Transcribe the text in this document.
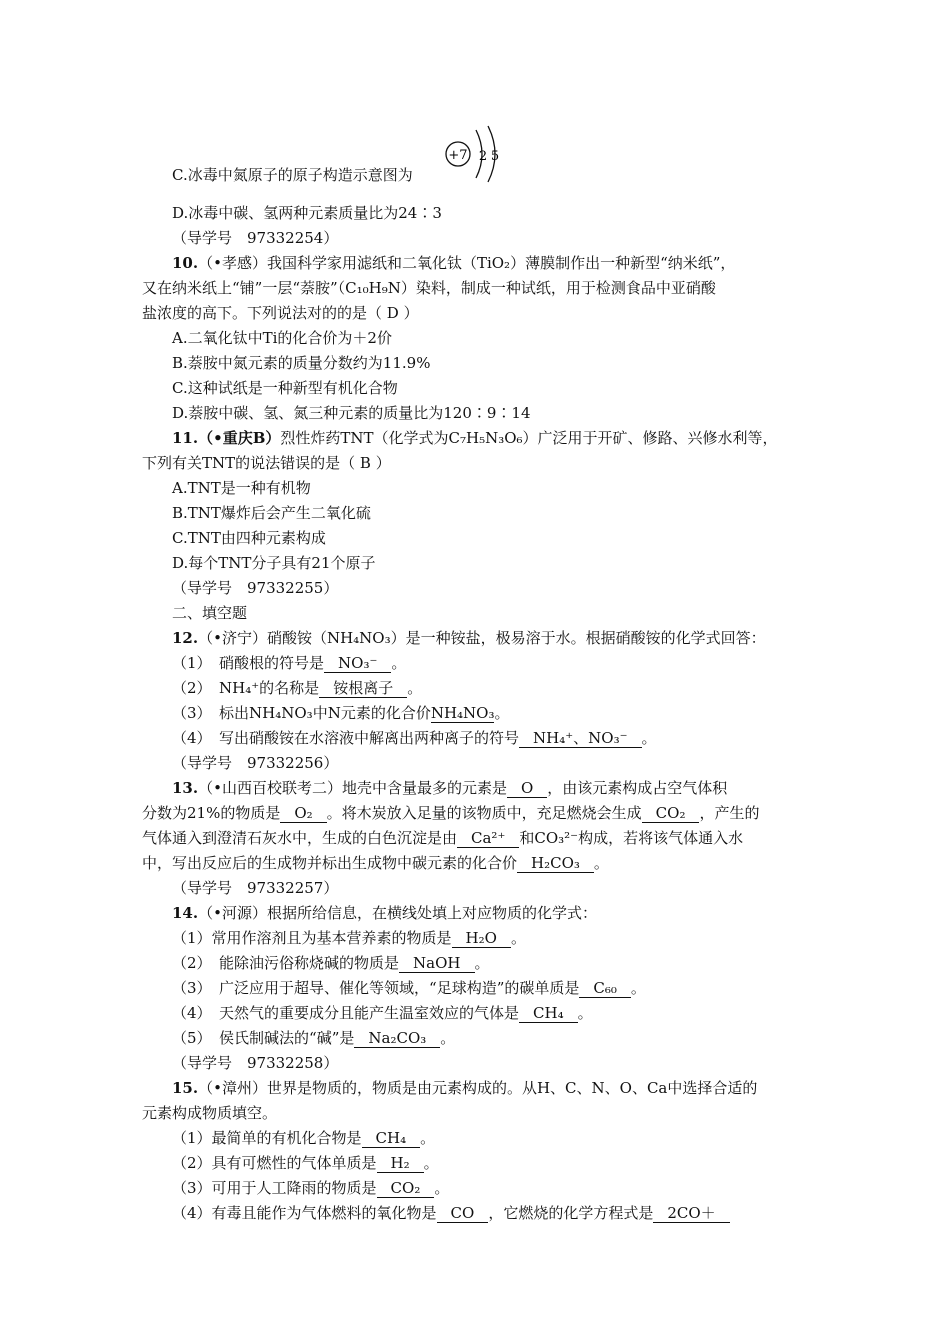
+7 2 5
C.冰毒中氮原子的原子构造示意图为
D.冰毒中碳、氢两种元素质量比为24∶3
（导学号　97332254）
10.（•孝感）我国科学家用滤纸和二氧化钛（TiO₂）薄膜制作出一种新型“纳米纸”，
又在纳米纸上“铺”一层“萘胺”（C₁₀H₉N）染料，制成一种试纸，用于检测食品中亚硝酸
盐浓度的高下。下列说法对的的是（ D ）
A.二氧化钛中Ti的化合价为＋2价
B.萘胺中氮元素的质量分数约为11.9%
C.这种试纸是一种新型有机化合物
D.萘胺中碳、氢、氮三种元素的质量比为120∶9∶14
11.（•重庆B）烈性炸药TNT（化学式为C₇H₅N₃O₆）广泛用于开矿、修路、兴修水利等，
下列有关TNT的说法错误的是（ B ）
A.TNT是一种有机物
B.TNT爆炸后会产生二氧化硫
C.TNT由四种元素构成
D.每个TNT分子具有21个原子
（导学号　97332255）
二、填空题
12.（•济宁）硝酸铵（NH₄NO₃）是一种铵盐，极易溶于水。根据硝酸铵的化学式回答：
（1）　硝酸根的符号是 NO₃⁻ 。
（2）　NH₄⁺的名称是 铵根离子 。
（3）　标出NH₄NO₃中N元素的化合价NH₄NO₃。
（4）　写出硝酸铵在水溶液中解离出两种离子的符号 NH₄⁺、NO₃⁻ 。
（导学号　97332256）
13.（•山西百校联考二）地壳中含量最多的元素是 O ，由该元素构成占空气体积
分数为21%的物质是 O₂ 。将木炭放入足量的该物质中，充足燃烧会生成 CO₂ ，产生的
气体通入到澄清石灰水中，生成的白色沉淀是由 Ca²⁺ 和CO₃²⁻构成，若将该气体通入水
中，写出反应后的生成物并标出生成物中碳元素的化合价 H₂CO₃ 。
（导学号　97332257）
14.（•河源）根据所给信息，在横线处填上对应物质的化学式：
（1）常用作溶剂且为基本营养素的物质是 H₂O 。
（2）　能除油污俗称烧碱的物质是 NaOH 。
（3）　广泛应用于超导、催化等领域，“足球构造”的碳单质是 C₆₀ 。
（4）　天然气的重要成分且能产生温室效应的气体是 CH₄ 。
（5）　侯氏制碱法的“碱”是 Na₂CO₃ 。
（导学号　97332258）
15.（•漳州）世界是物质的，物质是由元素构成的。从H、C、N、O、Ca中选择合适的
元素构成物质填空。
（1）最简单的有机化合物是 CH₄ 。
（2）具有可燃性的气体单质是 H₂ 。
（3）可用于人工降雨的物质是 CO₂ 。
（4）有毒且能作为气体燃料的氧化物是 CO ，它燃烧的化学方程式是 2CO＋
